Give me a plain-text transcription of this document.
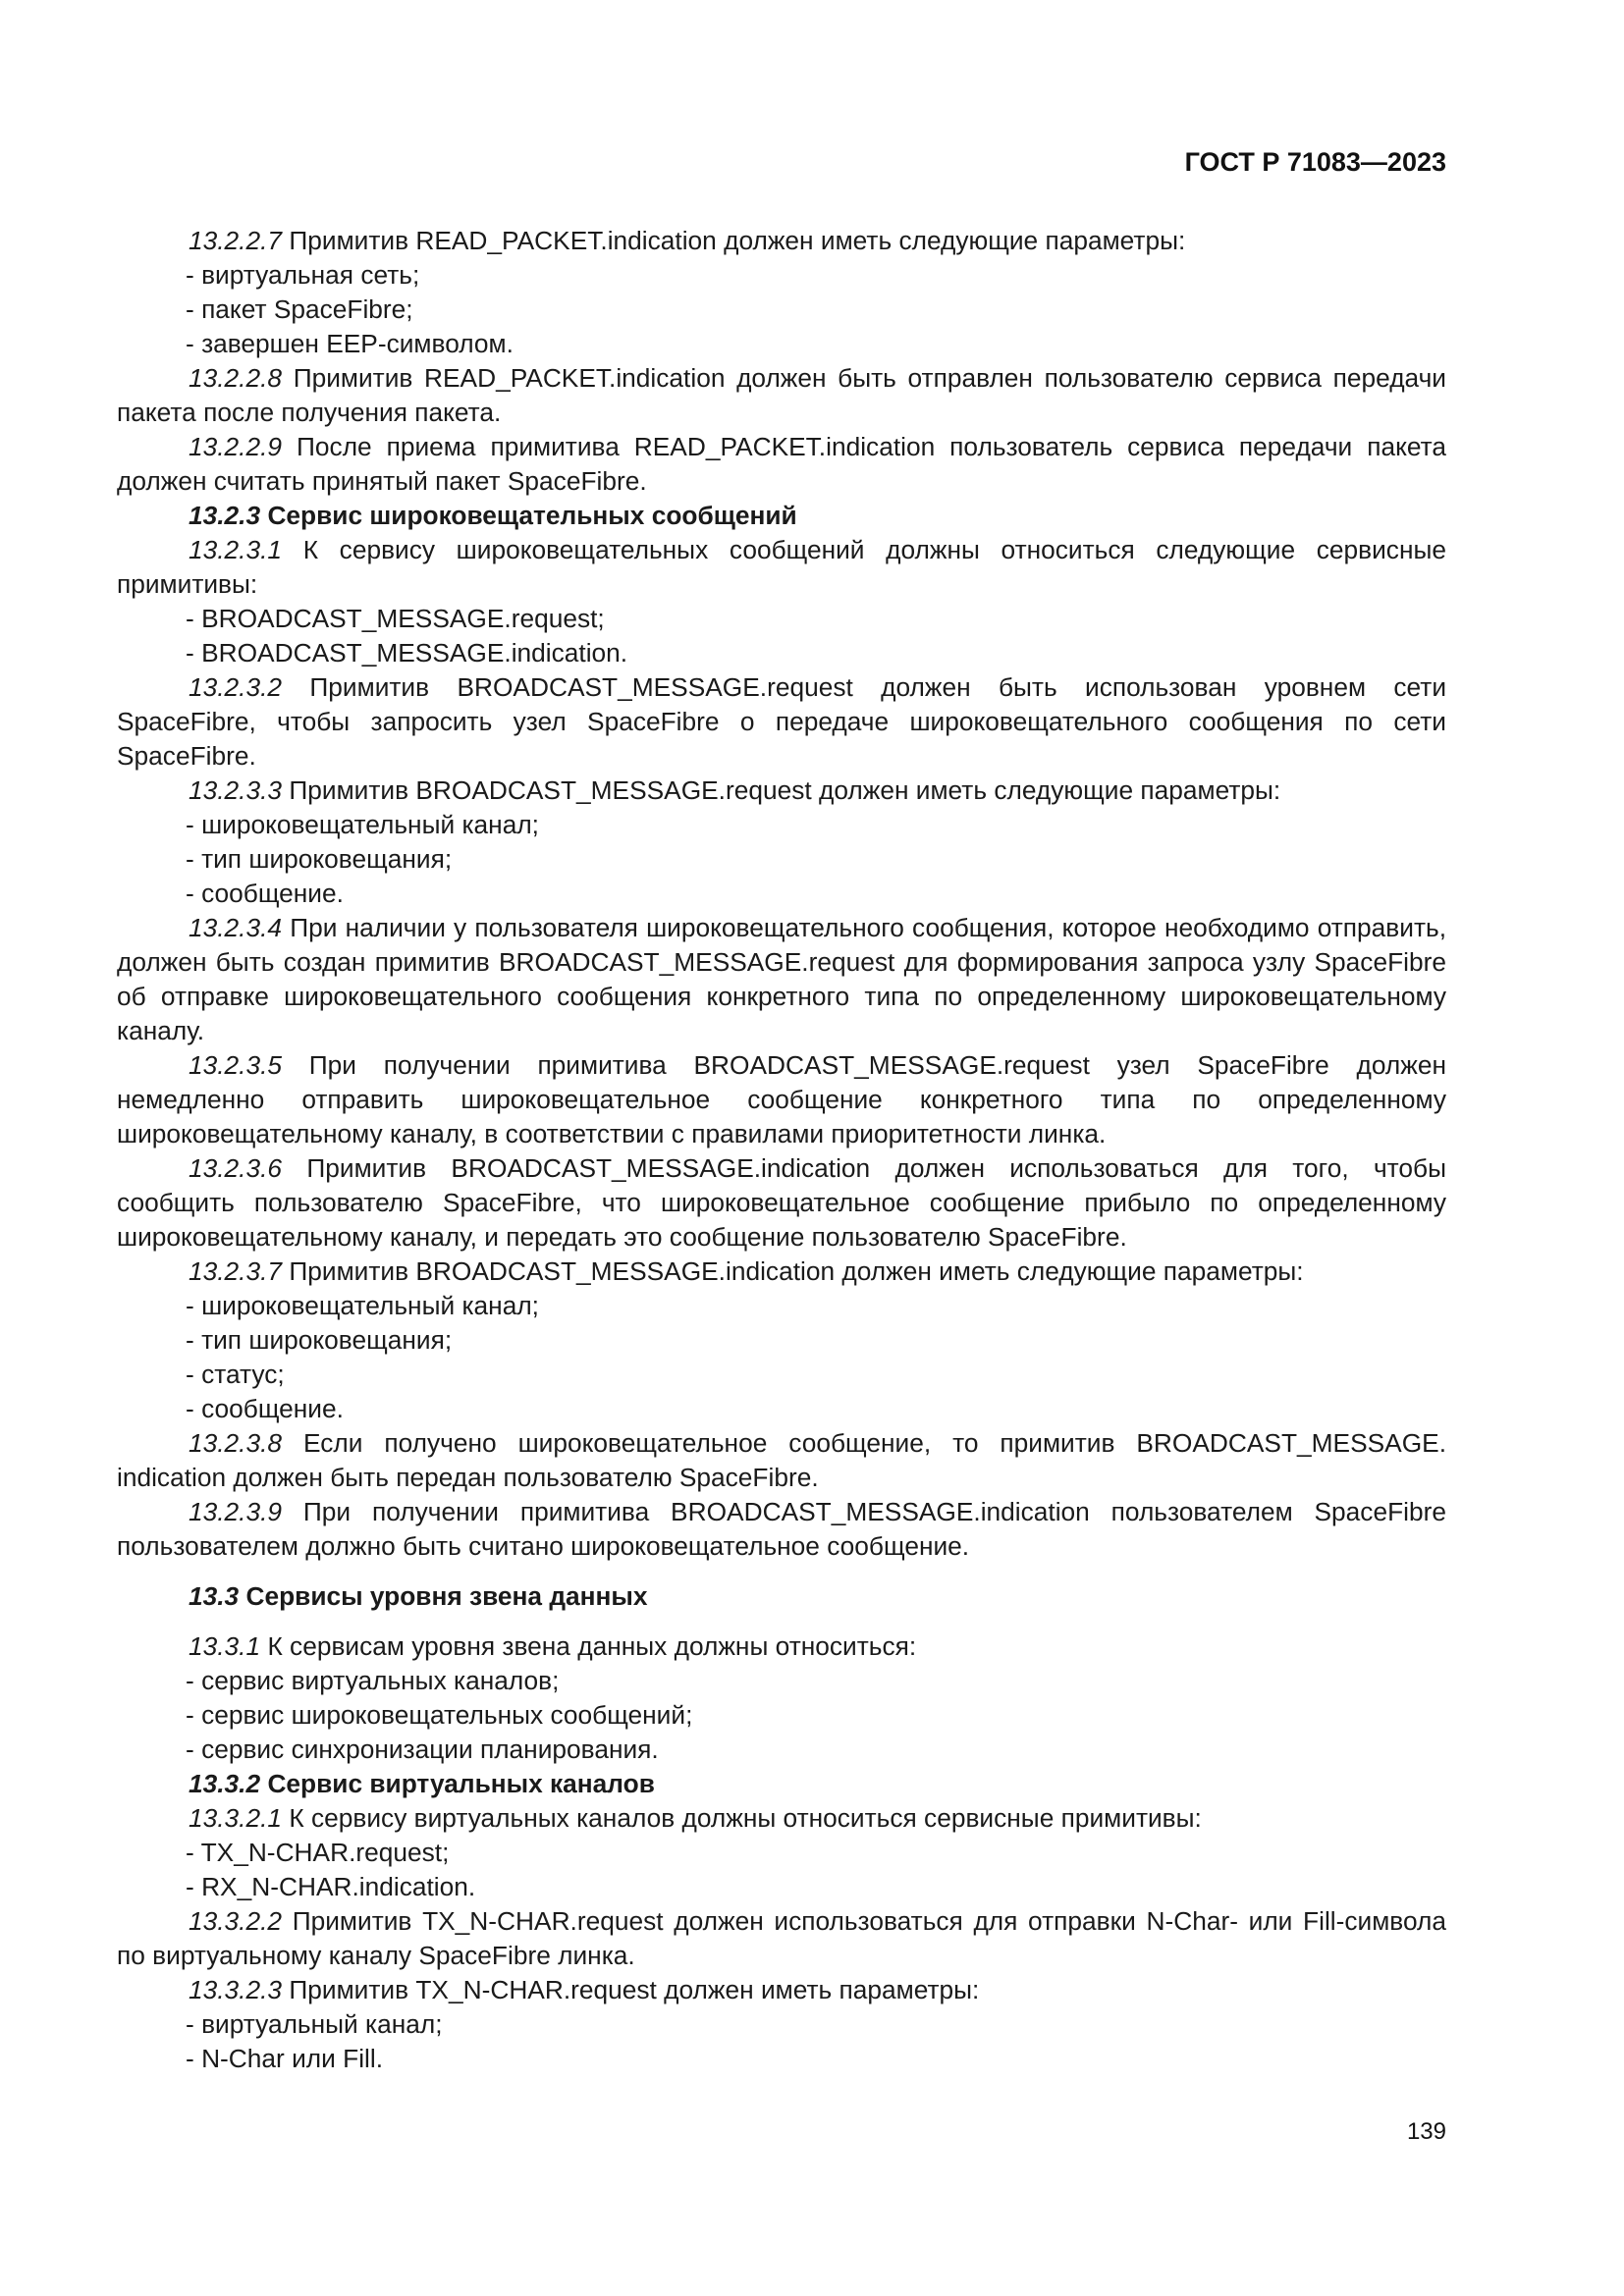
ГОСТ Р 71083—2023

13.2.2.7 Примитив READ_PACKET.indication должен иметь следующие параметры:

- виртуальная сеть;

- пакет SpaceFibre;

- завершен EEP-символом.

13.2.2.8 Примитив READ_PACKET.indication должен быть отправлен пользователю сервиса передачи пакета после получения пакета.

13.2.2.9 После приема примитива READ_PACKET.indication пользователь сервиса передачи пакета должен считать принятый пакет SpaceFibre.

13.2.3 Сервис широковещательных сообщений

13.2.3.1 К сервису широковещательных сообщений должны относиться следующие сервисные примитивы:

- BROADCAST_MESSAGE.request;

- BROADCAST_MESSAGE.indication.

13.2.3.2 Примитив BROADCAST_MESSAGE.request должен быть использован уровнем сети SpaceFibre, чтобы запросить узел SpaceFibre о передаче широковещательного сообщения по сети SpaceFibre.

13.2.3.3 Примитив BROADCAST_MESSAGE.request должен иметь следующие параметры:

- широковещательный канал;

- тип широковещания;

- сообщение.

13.2.3.4 При наличии у пользователя широковещательного сообщения, которое необходимо отправить, должен быть создан примитив BROADCAST_MESSAGE.request для формирования запроса узлу SpaceFibre об отправке широковещательного сообщения конкретного типа по определенному широковещательному каналу.

13.2.3.5 При получении примитива BROADCAST_MESSAGE.request узел SpaceFibre должен немедленно отправить широковещательное сообщение конкретного типа по определенному широковещательному каналу, в соответствии с правилами приоритетности линка.

13.2.3.6 Примитив BROADCAST_MESSAGE.indication должен использоваться для того, чтобы сообщить пользователю SpaceFibre, что широковещательное сообщение прибыло по определенному широковещательному каналу, и передать это сообщение пользователю SpaceFibre.

13.2.3.7 Примитив BROADCAST_MESSAGE.indication должен иметь следующие параметры:

- широковещательный канал;

- тип широковещания;

- статус;

- сообщение.

13.2.3.8 Если получено широковещательное сообщение, то примитив BROADCAST_MESSAGE. indication должен быть передан пользователю SpaceFibre.

13.2.3.9 При получении примитива BROADCAST_MESSAGE.indication пользователем SpaceFibre пользователем должно быть считано широковещательное сообщение.

13.3 Сервисы уровня звена данных

13.3.1 К сервисам уровня звена данных должны относиться:

- сервис виртуальных каналов;

- сервис широковещательных сообщений;

- сервис синхронизации планирования.

13.3.2 Сервис виртуальных каналов

13.3.2.1 К сервису виртуальных каналов должны относиться сервисные примитивы:

- TX_N-CHAR.request;

- RX_N-CHAR.indication.

13.3.2.2 Примитив TX_N-CHAR.request должен использоваться для отправки N-Char- или Fill-символа по виртуальному каналу SpaceFibre линка.

13.3.2.3 Примитив TX_N-CHAR.request должен иметь параметры:

- виртуальный канал;

- N-Char или Fill.

139
